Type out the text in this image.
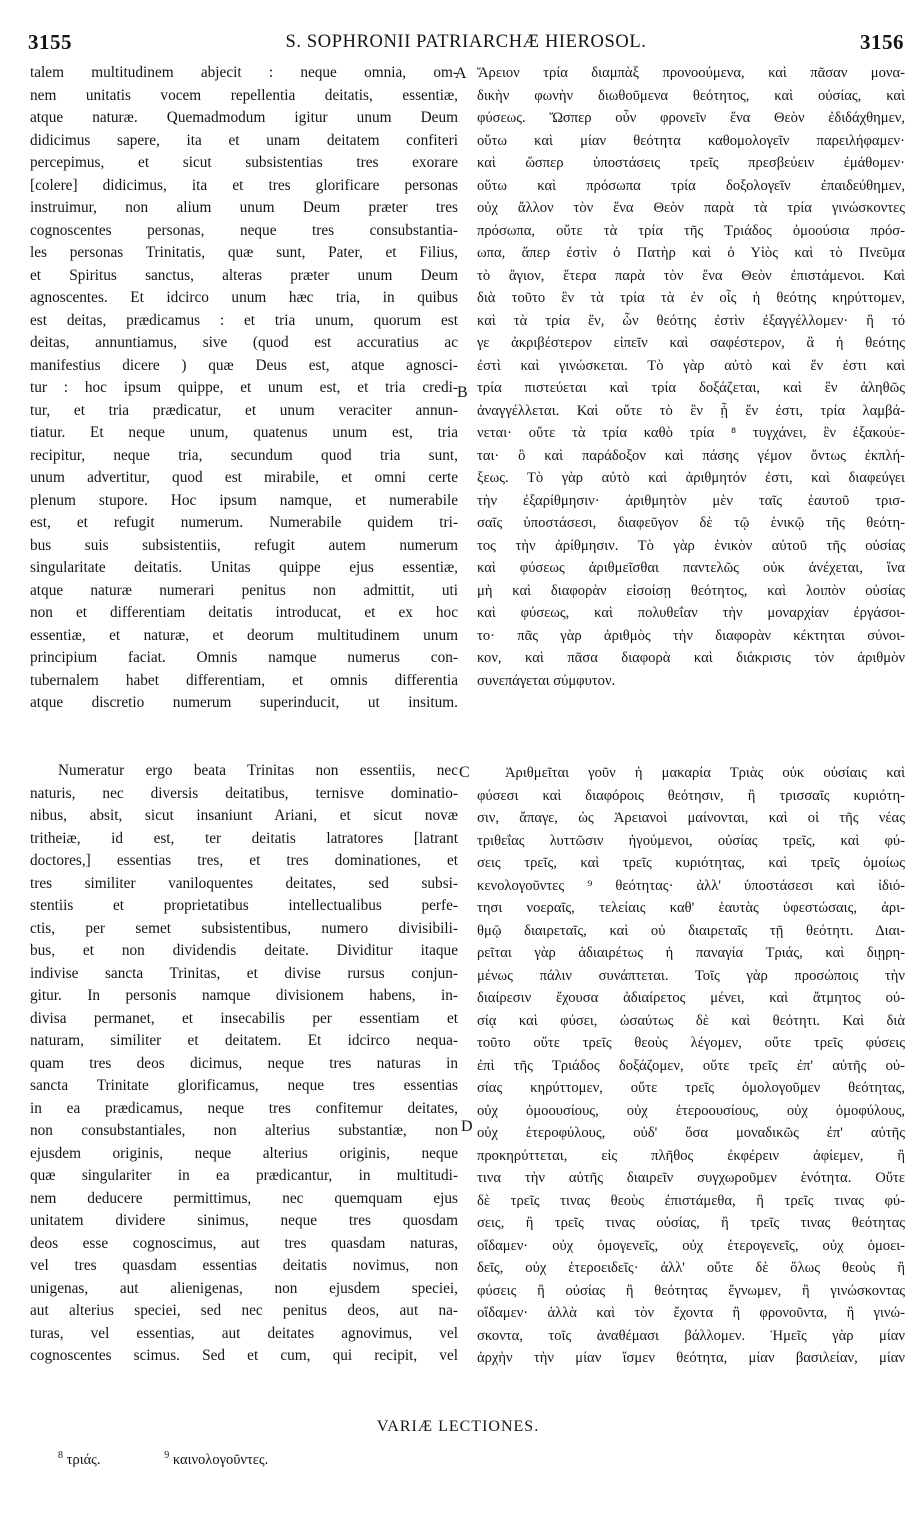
3155	S. SOPHRONII PATRIARCHÆ HIEROSOL.	3156
talem multitudinem abjecit : neque omnia, om-
nem unitatis vocem repellentia deitatis, essentiæ,
atque naturæ. Quemadmodum igitur unum Deum
didicimus sapere, ita et unam deitatem confiteri
percepimus, et sicut subsistentias tres exorare
[colere] didicimus, ita et tres glorificare personas
instruimur, non alium unum Deum præter tres
cognoscentes personas, neque tres consubstantia-
les personas Trinitatis, quæ sunt, Pater, et Filius,
et Spiritus sanctus, alteras præter unum Deum
agnoscentes. Et idcirco unum hæc tria, in quibus
est deitas, prædicamus : et tria unum, quorum est
deitas, annuntiamus, sive (quod est accuratius ac
manifestius dicere ) quæ Deus est, atque agnosci-
tur : hoc ipsum quippe, et unum est, et tria credi-
tur, et tria prædicatur, et unum veraciter annun-
tiatur. Et neque unum, quatenus unum est, tria
recipitur, neque tria, secundum quod tria sunt,
unum advertitur, quod est mirabile, et omni certe
plenum stupore. Hoc ipsum namque, et numerabile
est, et refugit numerum. Numerabile quidem tri-
bus suis subsistentiis, refugit autem numerum
singularitate deitatis. Unitas quippe ejus essentiæ,
atque naturæ numerari penitus non admittit, uti
non et differentiam deitatis introducat, et ex hoc
essentiæ, et naturæ, et deorum multitudinem unum
principium faciat. Omnis namque numerus con-
tubernalem habet differentiam, et omnis differentia
atque discretio numerum superinducit, ut insitum.
Numeratur ergo beata Trinitas non essentiis, nec
naturis, nec diversis deitatibus, ternisve dominatio-
nibus, absit, sicut insaniunt Ariani, et sicut novæ
tritheiæ, id est, ter deitatis latratores [latrant
doctores,] essentias tres, et tres dominationes, et
tres similiter vaniloquentes deitates, sed subsi-
stentiis et proprietatibus intellectualibus perfe-
ctis, per semet subsistentibus, numero divisibili-
bus, et non dividendis deitate. Dividitur itaque
indivise sancta Trinitas, et divise rursus conjun-
gitur. In personis namque divisionem habens, in-
divisa permanet, et insecabilis per essentiam et
naturam, similiter et deitatem. Et idcirco nequa-
quam tres deos dicimus, neque tres naturas in
sancta Trinitate glorificamus, neque tres essentias
in ea prædicamus, neque tres confitemur deitates,
non consubstantiales, non alterius substantiæ, non
ejusdem originis, neque alterius originis, neque
quæ singulariter in ea prædicantur, in multitudi-
nem deducere permittimus, nec quemquam ejus
unitatem dividere sinimus, neque tres quosdam
deos esse cognoscimus, aut tres quasdam naturas,
vel tres quasdam essentias deitatis novimus, non
unigenas, aut alienigenas, non ejusdem speciei,
aut alterius speciei, sed nec penitus deos, aut na-
turas, vel essentias, aut deitates agnovimus, vel
cognoscentes scimus. Sed et cum, qui recipit, vel
Ἄρειον τρία διαμπὰξ προνοούμενα, καὶ πᾶσαν μονα-
δικὴν φωνὴν διωθοῦμενα θεότητος, καὶ οὐσίας, καὶ
φύσεως. Ὥσπερ οὖν φρονεῖν ἕνα Θεὸν ἐδιδάχθημεν,
οὕτω καὶ μίαν θεότητα καθομολογεῖν παρειλήφαμεν·
καὶ ὥσπερ ὑποστάσεις τρεῖς πρεσβεύειν ἐμάθομεν·
οὕτω καὶ πρόσωπα τρία δοξολογεῖν ἐπαιδεύθημεν,
οὐχ ἄλλον τὸν ἕνα Θεὸν παρὰ τὰ τρία γινώσκοντες
πρόσωπα, οὔτε τὰ τρία τῆς Τριάδος ὁμοούσια πρόσ-
ωπα, ἅπερ ἐστὶν ὁ Πατὴρ καὶ ὁ Υἱὸς καὶ τὸ Πνεῦμα
τὸ ἅγιον, ἕτερα παρὰ τὸν ἕνα Θεὸν ἐπιστάμενοι. Καὶ
διὰ τοῦτο ἓν τὰ τρία τὰ ἐν οἷς ἡ θεότης κηρύττομεν,
καὶ τὰ τρία ἕν, ὧν θεότης ἐστὶν ἐξαγγέλλομεν· ἢ τό
γε ἀκριβέστερον εἰπεῖν καὶ σαφέστερον, ἃ ἡ θεότης
ἐστὶ καὶ γινώσκεται. Τὸ γὰρ αὐτὸ καὶ ἕν ἐστι καὶ
τρία πιστεύεται καὶ τρία δοξάζεται, καὶ ἓν ἀληθῶς
ἀναγγέλλεται. Καὶ οὔτε τὸ ἓν ᾗ ἕν ἐστι, τρία λαμβά-
νεται· οὔτε τὰ τρία καθὸ τρία ⁸ τυγχάνει, ἓν ἐξακούε-
ται· ὃ καὶ παράδοξον καὶ πάσης γέμον ὄντως ἐκπλή-
ξεως. Τὸ γὰρ αὐτὸ καὶ ἀριθμητόν ἐστι, καὶ διαφεύγει
τὴν ἐξαρίθμησιν· ἀριθμητὸν μὲν ταῖς ἑαυτοῦ τρισ-
σαῖς ὑποστάσεσι, διαφεῦγον δὲ τῷ ἑνικῷ τῆς θεότη-
τος τὴν ἀρίθμησιν. Τὸ γὰρ ἑνικὸν αὐτοῦ τῆς οὐσίας
καὶ φύσεως ἀριθμεῖσθαι παντελῶς οὐκ ἀνέχεται, ἵνα
μὴ καὶ διαφορὰν εἰσοίσῃ θεότητος, καὶ λοιπὸν οὐσίας
καὶ φύσεως, καὶ πολυθεΐαν τὴν μοναρχίαν ἐργάσοι-
το· πᾶς γὰρ ἀριθμὸς τὴν διαφορὰν κέκτηται σύνοι-
κον, καὶ πᾶσα διαφορὰ καὶ διάκρισις τὸν ἀριθμὸν
συνεπάγεται σύμφυτον.
Ἀριθμεῖται γοῦν ἡ μακαρία Τριὰς οὐκ οὐσίαις καὶ
φύσεσι καὶ διαφόροις θεότησιν, ἢ τρισσαῖς κυριότη-
σιν, ἄπαγε, ὡς Ἀρειανοὶ μαίνονται, καὶ οἱ τῆς νέας
τριθεΐας λυττῶσιν ἡγούμενοι, οὐσίας τρεῖς, καὶ φύ-
σεις τρεῖς, καὶ τρεῖς κυριότητας, καὶ τρεῖς ὁμοίως
κενολογοῦντες ⁹ θεότητας· ἀλλ' ὑποστάσεσι καὶ ἰδιό-
τησι νοεραῖς, τελείαις καθ' ἑαυτὰς ὑφεστώσαις, ἀρι-
θμῷ διαιρεταῖς, καὶ οὐ διαιρεταῖς τῇ θεότητι. Διαι-
ρεῖται γὰρ ἀδιαιρέτως ἡ παναγία Τριάς, καὶ διῃρη-
μένως πάλιν συνάπτεται. Τοῖς γὰρ προσώποις τὴν
διαίρεσιν ἔχουσα ἀδιαίρετος μένει, καὶ ἄτμητος οὐ-
σίᾳ καὶ φύσει, ὡσαύτως δὲ καὶ θεότητι. Καὶ διὰ
τοῦτο οὔτε τρεῖς θεοὺς λέγομεν, οὔτε τρεῖς φύσεις
ἐπὶ τῆς Τριάδος δοξάζομεν, οὔτε τρεῖς ἐπ' αὐτῆς οὐ-
σίας κηρύττομεν, οὔτε τρεῖς ὁμολογοῦμεν θεότητας,
οὐχ ὁμοουσίους, οὐχ ἑτεροουσίους, οὐχ ὁμοφύλους,
οὐχ ἑτεροφύλους, οὐδ' ὅσα μοναδικῶς ἐπ' αὐτῆς
προκηρύττεται, εἰς πλῆθος ἐκφέρειν ἀφίεμεν, ἢ
τινα τὴν αὐτῆς διαιρεῖν συγχωροῦμεν ἑνότητα. Οὔτε
δὲ τρεῖς τινας θεοὺς ἐπιστάμεθα, ἢ τρεῖς τινας φύ-
σεις, ἢ τρεῖς τινας οὐσίας, ἢ τρεῖς τινας θεότητας
οἴδαμεν· οὐχ ὁμογενεῖς, οὐχ ἑτερογενεῖς, οὐχ ὁμοει-
δεῖς, οὐχ ἑτεροειδεῖς· ἀλλ' οὔτε δὲ ὅλως θεοὺς ἢ
φύσεις ἢ οὐσίας ἢ θεότητας ἔγνωμεν, ἢ γινώσκοντας
οἴδαμεν· ἀλλὰ καὶ τὸν ἔχοντα ἢ φρονοῦντα, ἢ γινώ-
σκοντα, τοῖς ἀναθέμασι βάλλομεν. Ἡμεῖς γὰρ μίαν
ἀρχὴν τὴν μίαν ἴσμεν θεότητα, μίαν βασιλείαν, μίαν
A
B
C
D
VARIÆ LECTIONES.
$^8$ τριάς.	$^9$ καινολογοῦντες.
